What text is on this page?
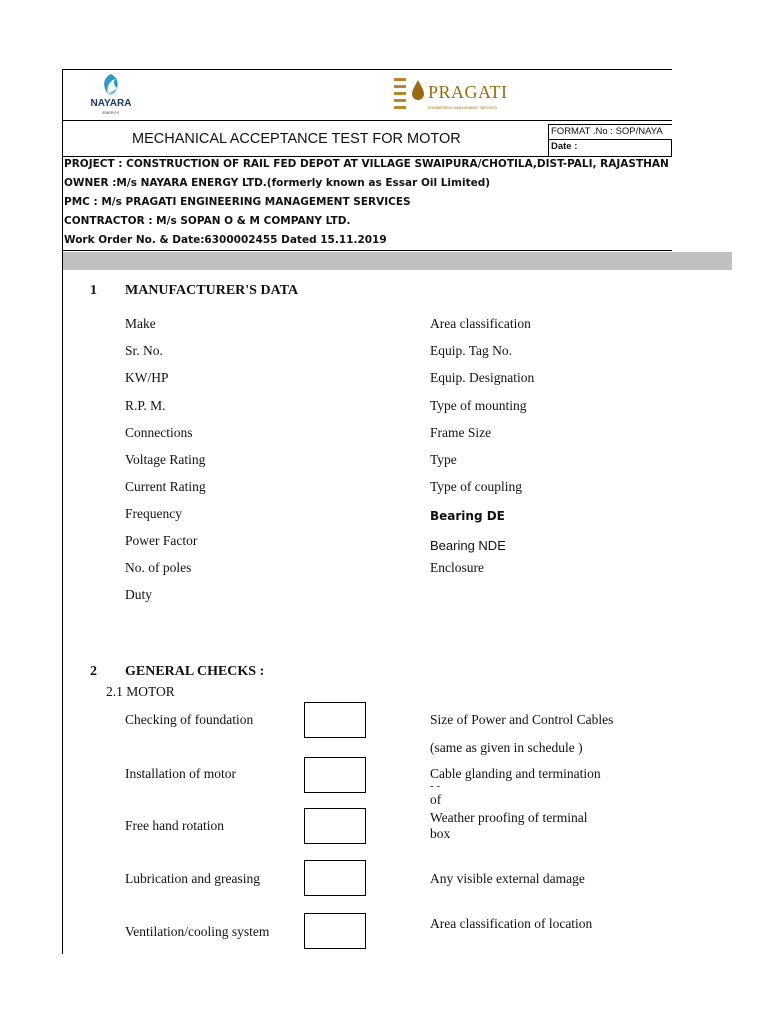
NAYARA
ENERGY
PRAGATI
ENGINEERING MANAGEMENT SERVICES
MECHANICAL ACCEPTANCE TEST FOR MOTOR	FORMAT .No : SOP/NAYA
Date :
PROJECT : CONSTRUCTION OF RAIL FED DEPOT AT VILLAGE SWAIPURA/CHOTILA,DIST-PALI, RAJASTHAN
OWNER :M/s NAYARA ENERGY LTD.(formerly known as Essar Oil Limited)
PMC : M/s PRAGATI ENGINEERING MANAGEMENT SERVICES
CONTRACTOR : M/s SOPAN O & M COMPANY LTD.
Work Order No. & Date:6300002455 Dated 15.11.2019
1 MANUFACTURER'S DATA
Make
Sr. No.
KW/HP
R.P. M.
Connections
Voltage Rating
Current Rating
Frequency
Power Factor
No. of poles
Duty
Area classification
Equip. Tag No.
Equip. Designation
Type of mounting
Frame Size
Type
Type of coupling
Bearing DE
Bearing NDE
Enclosure
2 GENERAL CHECKS :
2.1 MOTOR
Checking of foundation
Installation of motor
Free hand rotation
Lubrication and greasing
Ventilation/cooling system
Size of Power and Control Cables
(same as given in schedule )
Cable glanding and termination
- -
of
Weather proofing of terminal
box
Any visible external damage
Area classification of location
